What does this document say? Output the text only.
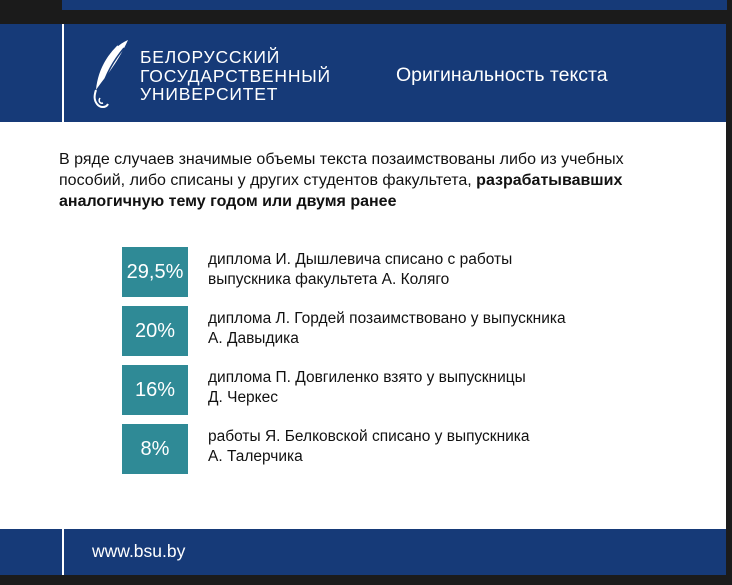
БЕЛОРУССКИЙ
ГОСУДАРСТВЕННЫЙ
УНИВЕРСИТЕТ
Оригинальность текста
В ряде случаев значимые объемы текста позаимствованы либо из учебных пособий, либо списаны у других студентов факультета, разрабатывавших аналогичную тему годом или двумя ранее
29,5%
диплома И. Дышлевича списано с работы
выпускника факультета А. Коляго
20%
диплома Л. Гордей позаимствовано у выпускника
А. Давыдика
16%
диплома П. Довгиленко взято у выпускницы
Д. Черкес
8%
работы Я. Белковской списано у выпускника
А. Талерчика
www.bsu.by
